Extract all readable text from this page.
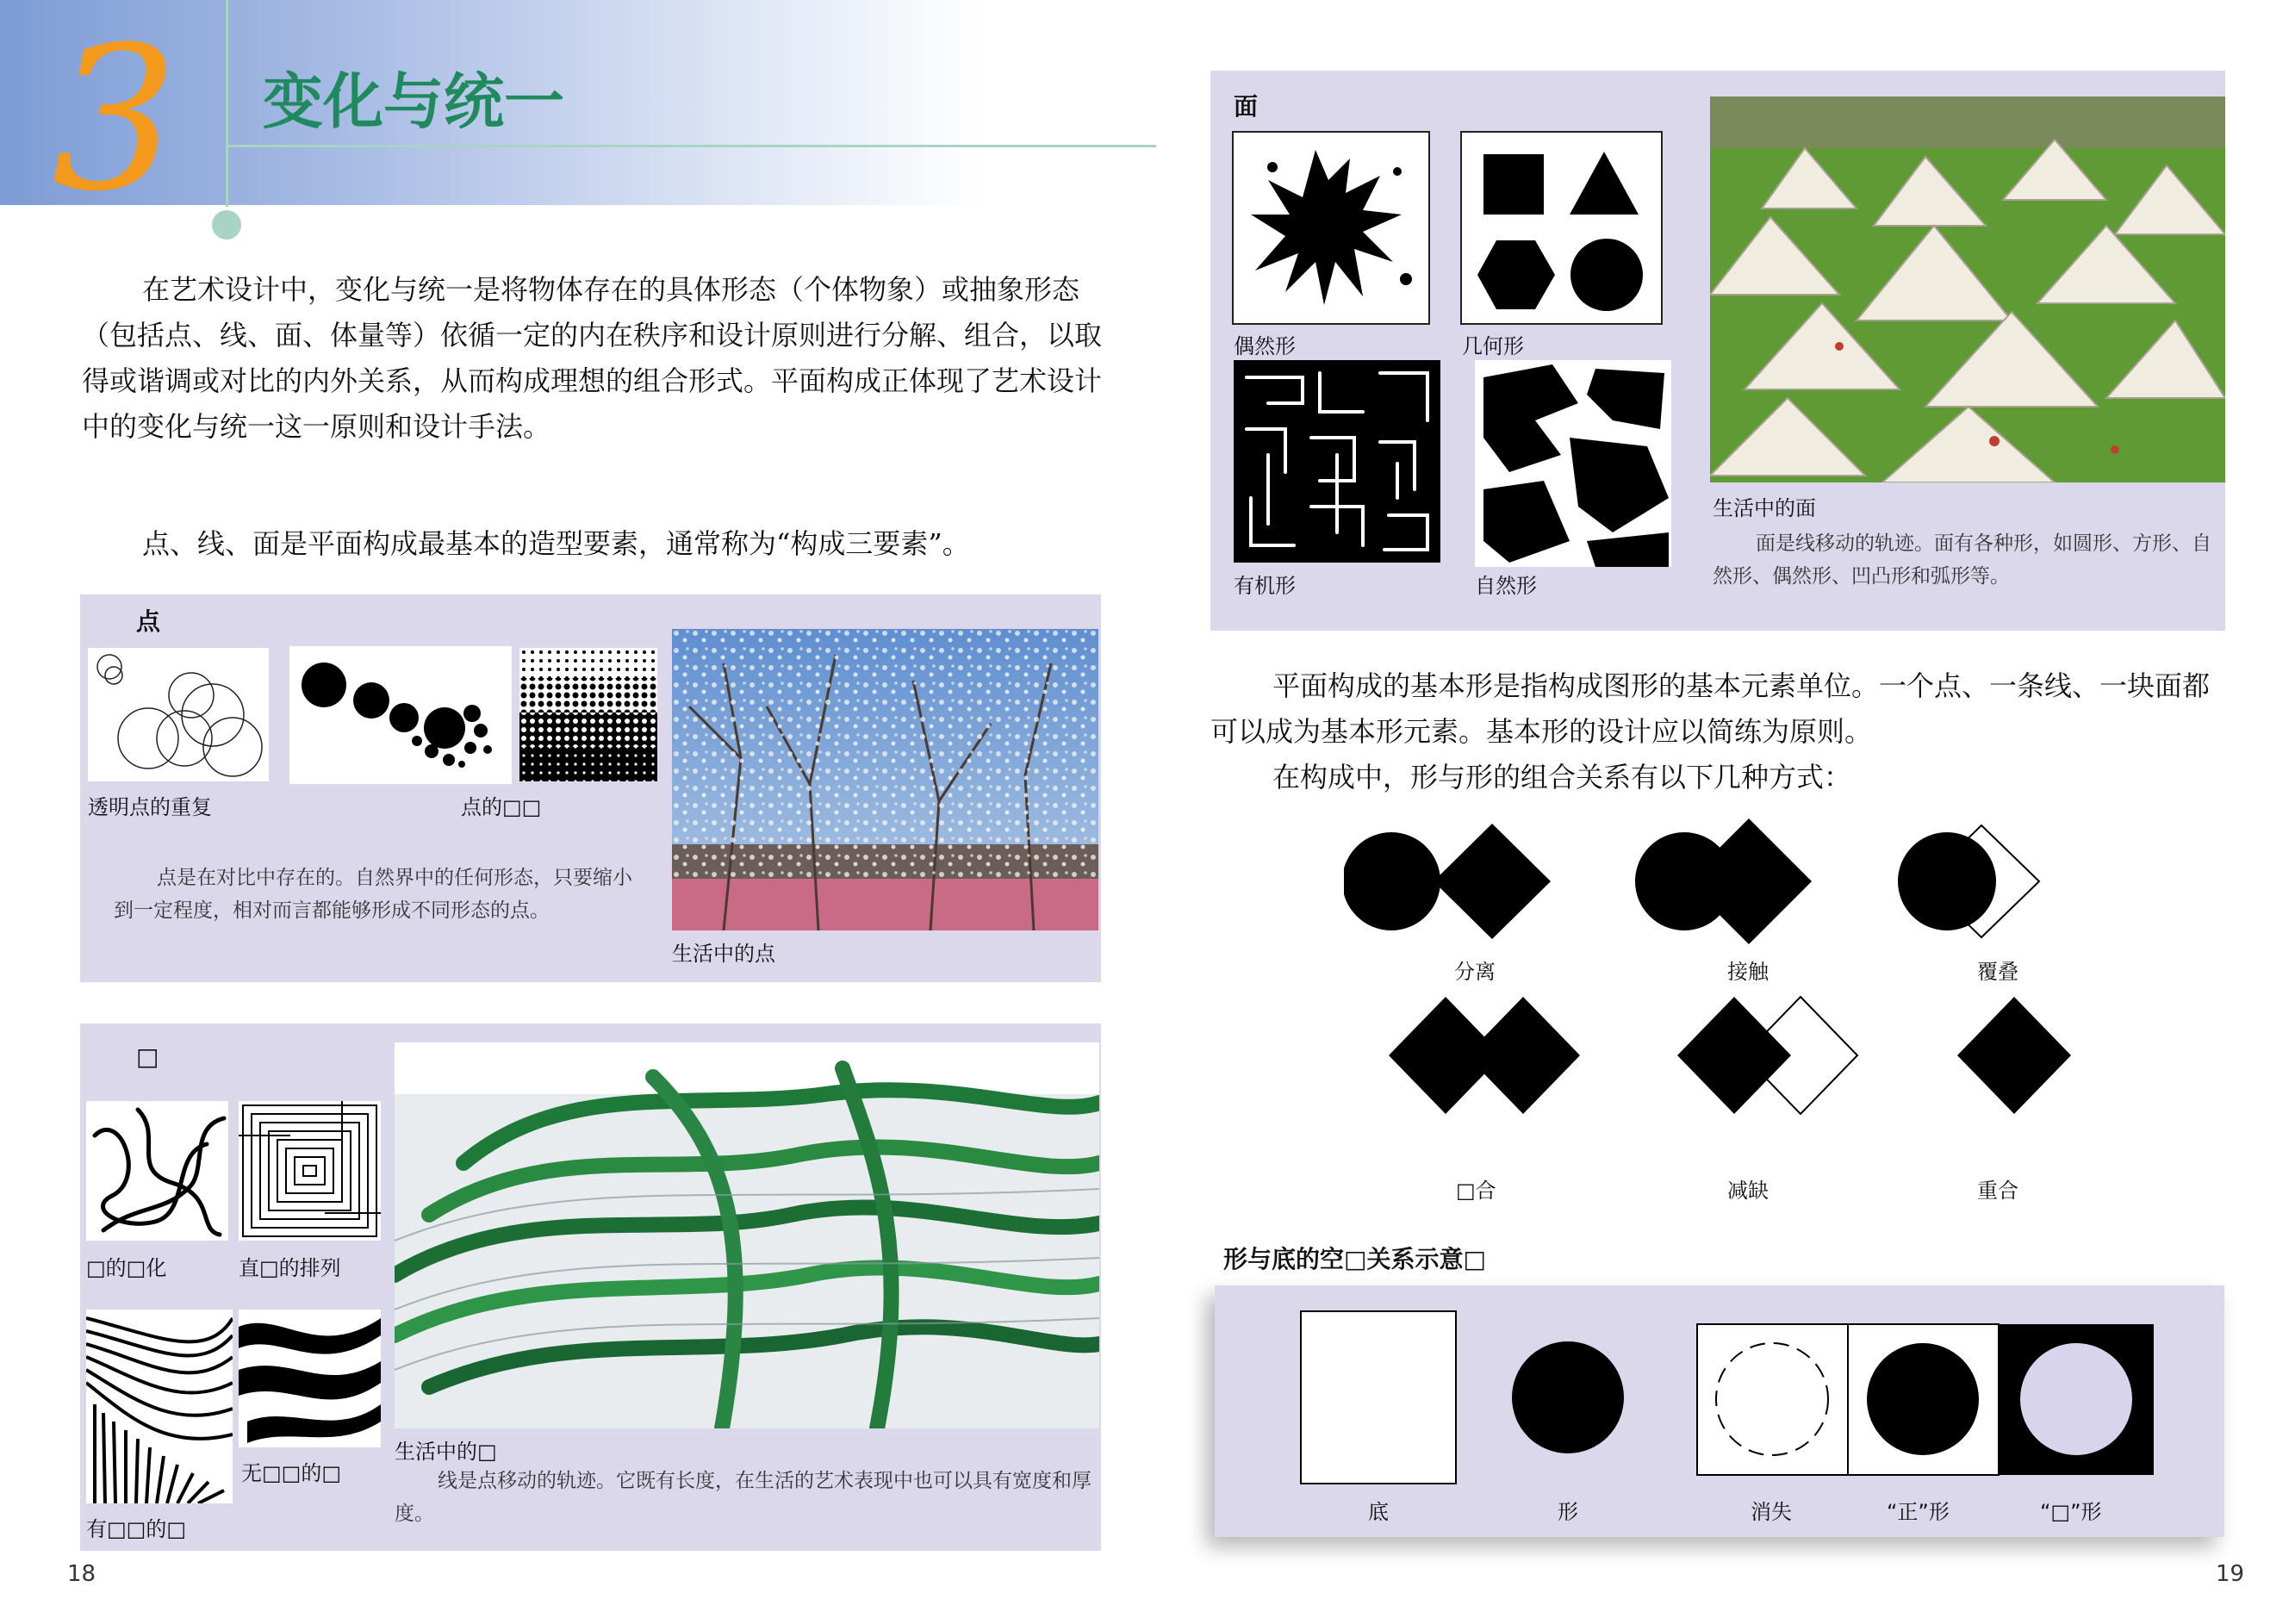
3 变化与统一
在艺术设计中，变化与统一是将物体存在的具体形态（个体物象）或抽象形态（包括点、线、面、体量等）依循一定的内在秩序和设计原则进行分解、组合，以取得或谐调或对比的内外关系，从而构成理想的组合形式。平面构成正体现了艺术设计中的变化与统一这一原则和设计手法。
点、线、面是平面构成最基本的造型要素，通常称为“构成三要素”。
点
透明点的重复	点的□□
生活中的点
点是在对比中存在的。自然界中的任何形态，只要缩小到一定程度，相对而言都能够形成不同形态的点。
□
□的□化	直□的排列
有□□的□
无□□的□
生活中的□
线是点移动的轨迹。它既有长度，在生活的艺术表现中也可以具有宽度和厚度。
18
面
偶然形	几何形
有机形	自然形
生活中的面
面是线移动的轨迹。面有各种形，如圆形、方形、自然形、偶然形、凹凸形和弧形等。
平面构成的基本形是指构成图形的基本元素单位。一个点、一条线、一块面都可以成为基本形元素。基本形的设计应以简练为原则。
在构成中，形与形的组合关系有以下几种方式：
分离	接触	覆叠
□合	减缺	重合
形与底的空□关系示意□
底	形	消失	“正”形	“□”形
19
